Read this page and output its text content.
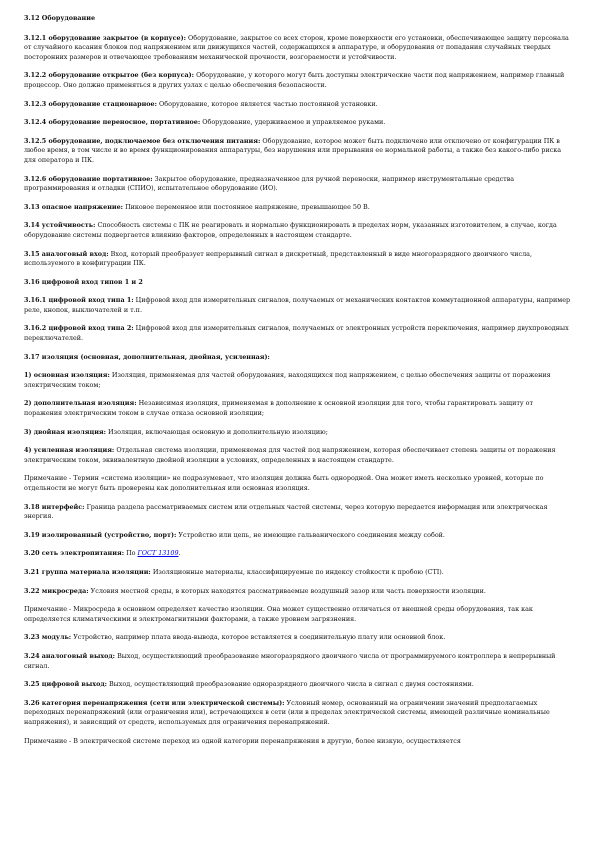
3.12 Оборудование
3.12.1 оборудование закрытое (в корпусе): Оборудование, закрытое со всех сторон, кроме поверхности его установки, обеспечивающее защиту персонала от случайного касания блоков под напряжением или движущихся частей, содержащихся в аппаратуре, и оборудования от попадания случайных твердых посторонних размеров и отвечающее требованиям механической прочности, возгораемости и устойчивости.
3.12.2 оборудование открытое (без корпуса): Оборудование, у которого могут быть доступны электрические части под напряжением, например главный процессор. Оно должно применяться в других узлах с целью обеспечения безопасности.
3.12.3 оборудование стационарное: Оборудование, которое является частью постоянной установки.
3.12.4 оборудование переносное, портативное: Оборудование, удерживаемое и управляемое руками.
3.12.5 оборудование, подключаемое без отключения питания: Оборудование, которое может быть подключено или отключено от конфигурации ПК в любое время, в том числе и во время функционирования аппаратуры, без нарушения или прерывания ее нормальной работы, а также без какого-либо риска для оператора и ПК.
3.12.6 оборудование портативное: Закрытое оборудование, предназначенное для ручной переноски, например инструментальные средства программирования и отладки (СПИО), испытательное оборудование (ИО).
3.13 опасное напряжение: Пиковое переменное или постоянное напряжение, превышающее 50 В.
3.14 устойчивость: Способность системы с ПК не реагировать и нормально функционировать в пределах норм, указанных изготовителем, в случае, когда оборудование системы подвергается влиянию факторов, определенных в настоящем стандарте.
3.15 аналоговый вход: Вход, который преобразует непрерывный сигнал в дискретный, представленный в виде многоразрядного двоичного числа, используемого в конфигурации ПК.
3.16 цифровой вход типов 1 и 2
3.16.1 цифровой вход типа 1: Цифровой вход для измерительных сигналов, получаемых от механических контактов коммутационной аппаратуры, например реле, кнопок, выключателей и т.п.
3.16.2 цифровой вход типа 2: Цифровой вход для измерительных сигналов, получаемых от электронных устройств переключения, например двухпроводных переключателей.
3.17 изоляция (основная, дополнительная, двойная, усиленная):
1) основная изоляция: Изоляция, применяемая для частей оборудования, находящихся под напряжением, с целью обеспечения защиты от поражения электрическим током;
2) дополнительная изоляция: Независимая изоляция, применяемая в дополнение к основной изоляции для того, чтобы гарантировать защиту от поражения электрическим током в случае отказа основной изоляции;
3) двойная изоляция: Изоляция, включающая основную и дополнительную изоляцию;
4) усиленная изоляция: Отдельная система изоляции, применяемая для частей под напряжением, которая обеспечивает степень защиты от поражения электрическим током, эквивалентную двойной изоляции в условиях, определенных в настоящем стандарте.
Примечание - Термин «система изоляции» не подразумевает, что изоляция должна быть однородной. Она может иметь несколько уровней, которые по отдельности не могут быть проверены как дополнительная или основная изоляция.
3.18 интерфейс: Граница раздела рассматриваемых систем или отдельных частей системы, через которую передается информация или электрическая энергия.
3.19 изолированный (устройство, порт): Устройство или цепь, не имеющие гальванического соединения между собой.
3.20 сеть электропитания: По ГОСТ 13109.
3.21 группа материала изоляции: Изоляционные материалы, классифицируемые по индексу стойкости к пробою (СТI).
3.22 микросреда: Условия местной среды, в которых находятся рассматриваемые воздушный зазор или часть поверхности изоляции.
Примечание - Микросреда в основном определяет качество изоляции. Она может существенно отличаться от внешней среды оборудования, так как определяется климатическими и электромагнитными факторами, а также уровнем загрязнения.
3.23 модуль: Устройство, например плата ввода-вывода, которое вставляется в соединительную плату или основной блок.
3.24 аналоговый выход: Выход, осуществляющий преобразование многоразрядного двоичного числа от программируемого контроллера в непрерывный сигнал.
3.25 цифровой выход: Выход, осуществляющий преобразование одноразрядного двоичного числа в сигнал с двумя состояниями.
3.26 категория перенапряжения (сети или электрической системы): Условный номер, основанный на ограничении значений предполагаемых переходных перенапряжений (или ограничения или), встречающихся в сети (или в пределах электрической системы, имеющей различные номинальные напряжения), и зависящий от средств, используемых для ограничения перенапряжений.
Примечание - В электрической системе переход из одной категории перенапряжения в другую, более низкую, осуществляется
